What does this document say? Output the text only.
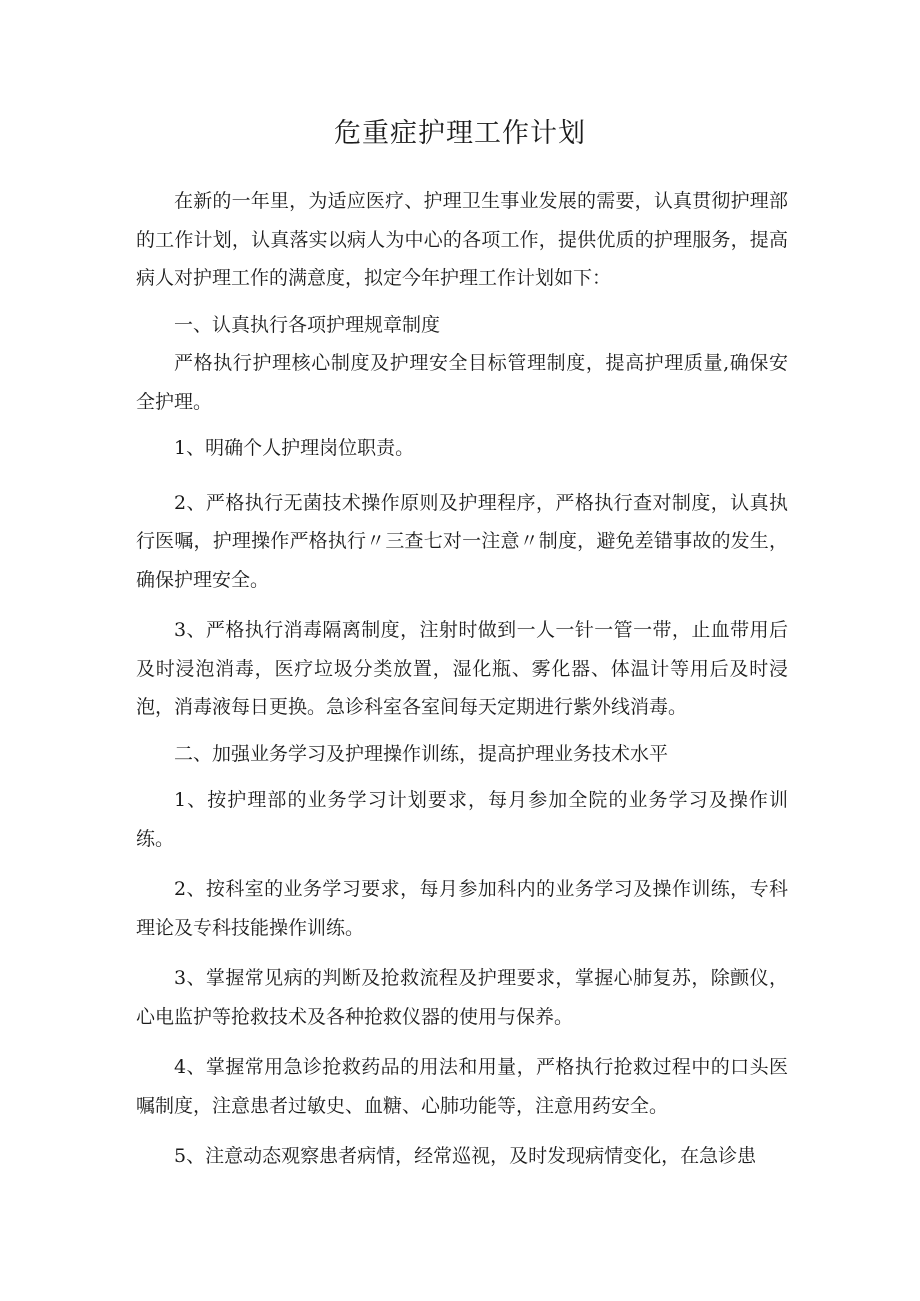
危重症护理工作计划

在新的一年里，为适应医疗、护理卫生事业发展的需要，认真贯彻护理部的工作计划，认真落实以病人为中心的各项工作，提供优质的护理服务，提高病人对护理工作的满意度，拟定今年护理工作计划如下：

一、认真执行各项护理规章制度

严格执行护理核心制度及护理安全目标管理制度，提高护理质量,确保安全护理。

1、明确个人护理岗位职责。

2、严格执行无菌技术操作原则及护理程序，严格执行查对制度，认真执行医嘱，护理操作严格执行〃三查七对一注意〃制度，避免差错事故的发生，确保护理安全。

3、严格执行消毒隔离制度，注射时做到一人一针一管一带，止血带用后及时浸泡消毒，医疗垃圾分类放置，湿化瓶、雾化器、体温计等用后及时浸泡，消毒液每日更换。急诊科室各室间每天定期进行紫外线消毒。

二、加强业务学习及护理操作训练，提高护理业务技术水平

1、按护理部的业务学习计划要求，每月参加全院的业务学习及操作训练。

2、按科室的业务学习要求，每月参加科内的业务学习及操作训练，专科理论及专科技能操作训练。

3、掌握常见病的判断及抢救流程及护理要求，掌握心肺复苏，除颤仪，心电监护等抢救技术及各种抢救仪器的使用与保养。

4、掌握常用急诊抢救药品的用法和用量，严格执行抢救过程中的口头医嘱制度，注意患者过敏史、血糖、心肺功能等，注意用药安全。

5、注意动态观察患者病情，经常巡视，及时发现病情变化，在急诊患
